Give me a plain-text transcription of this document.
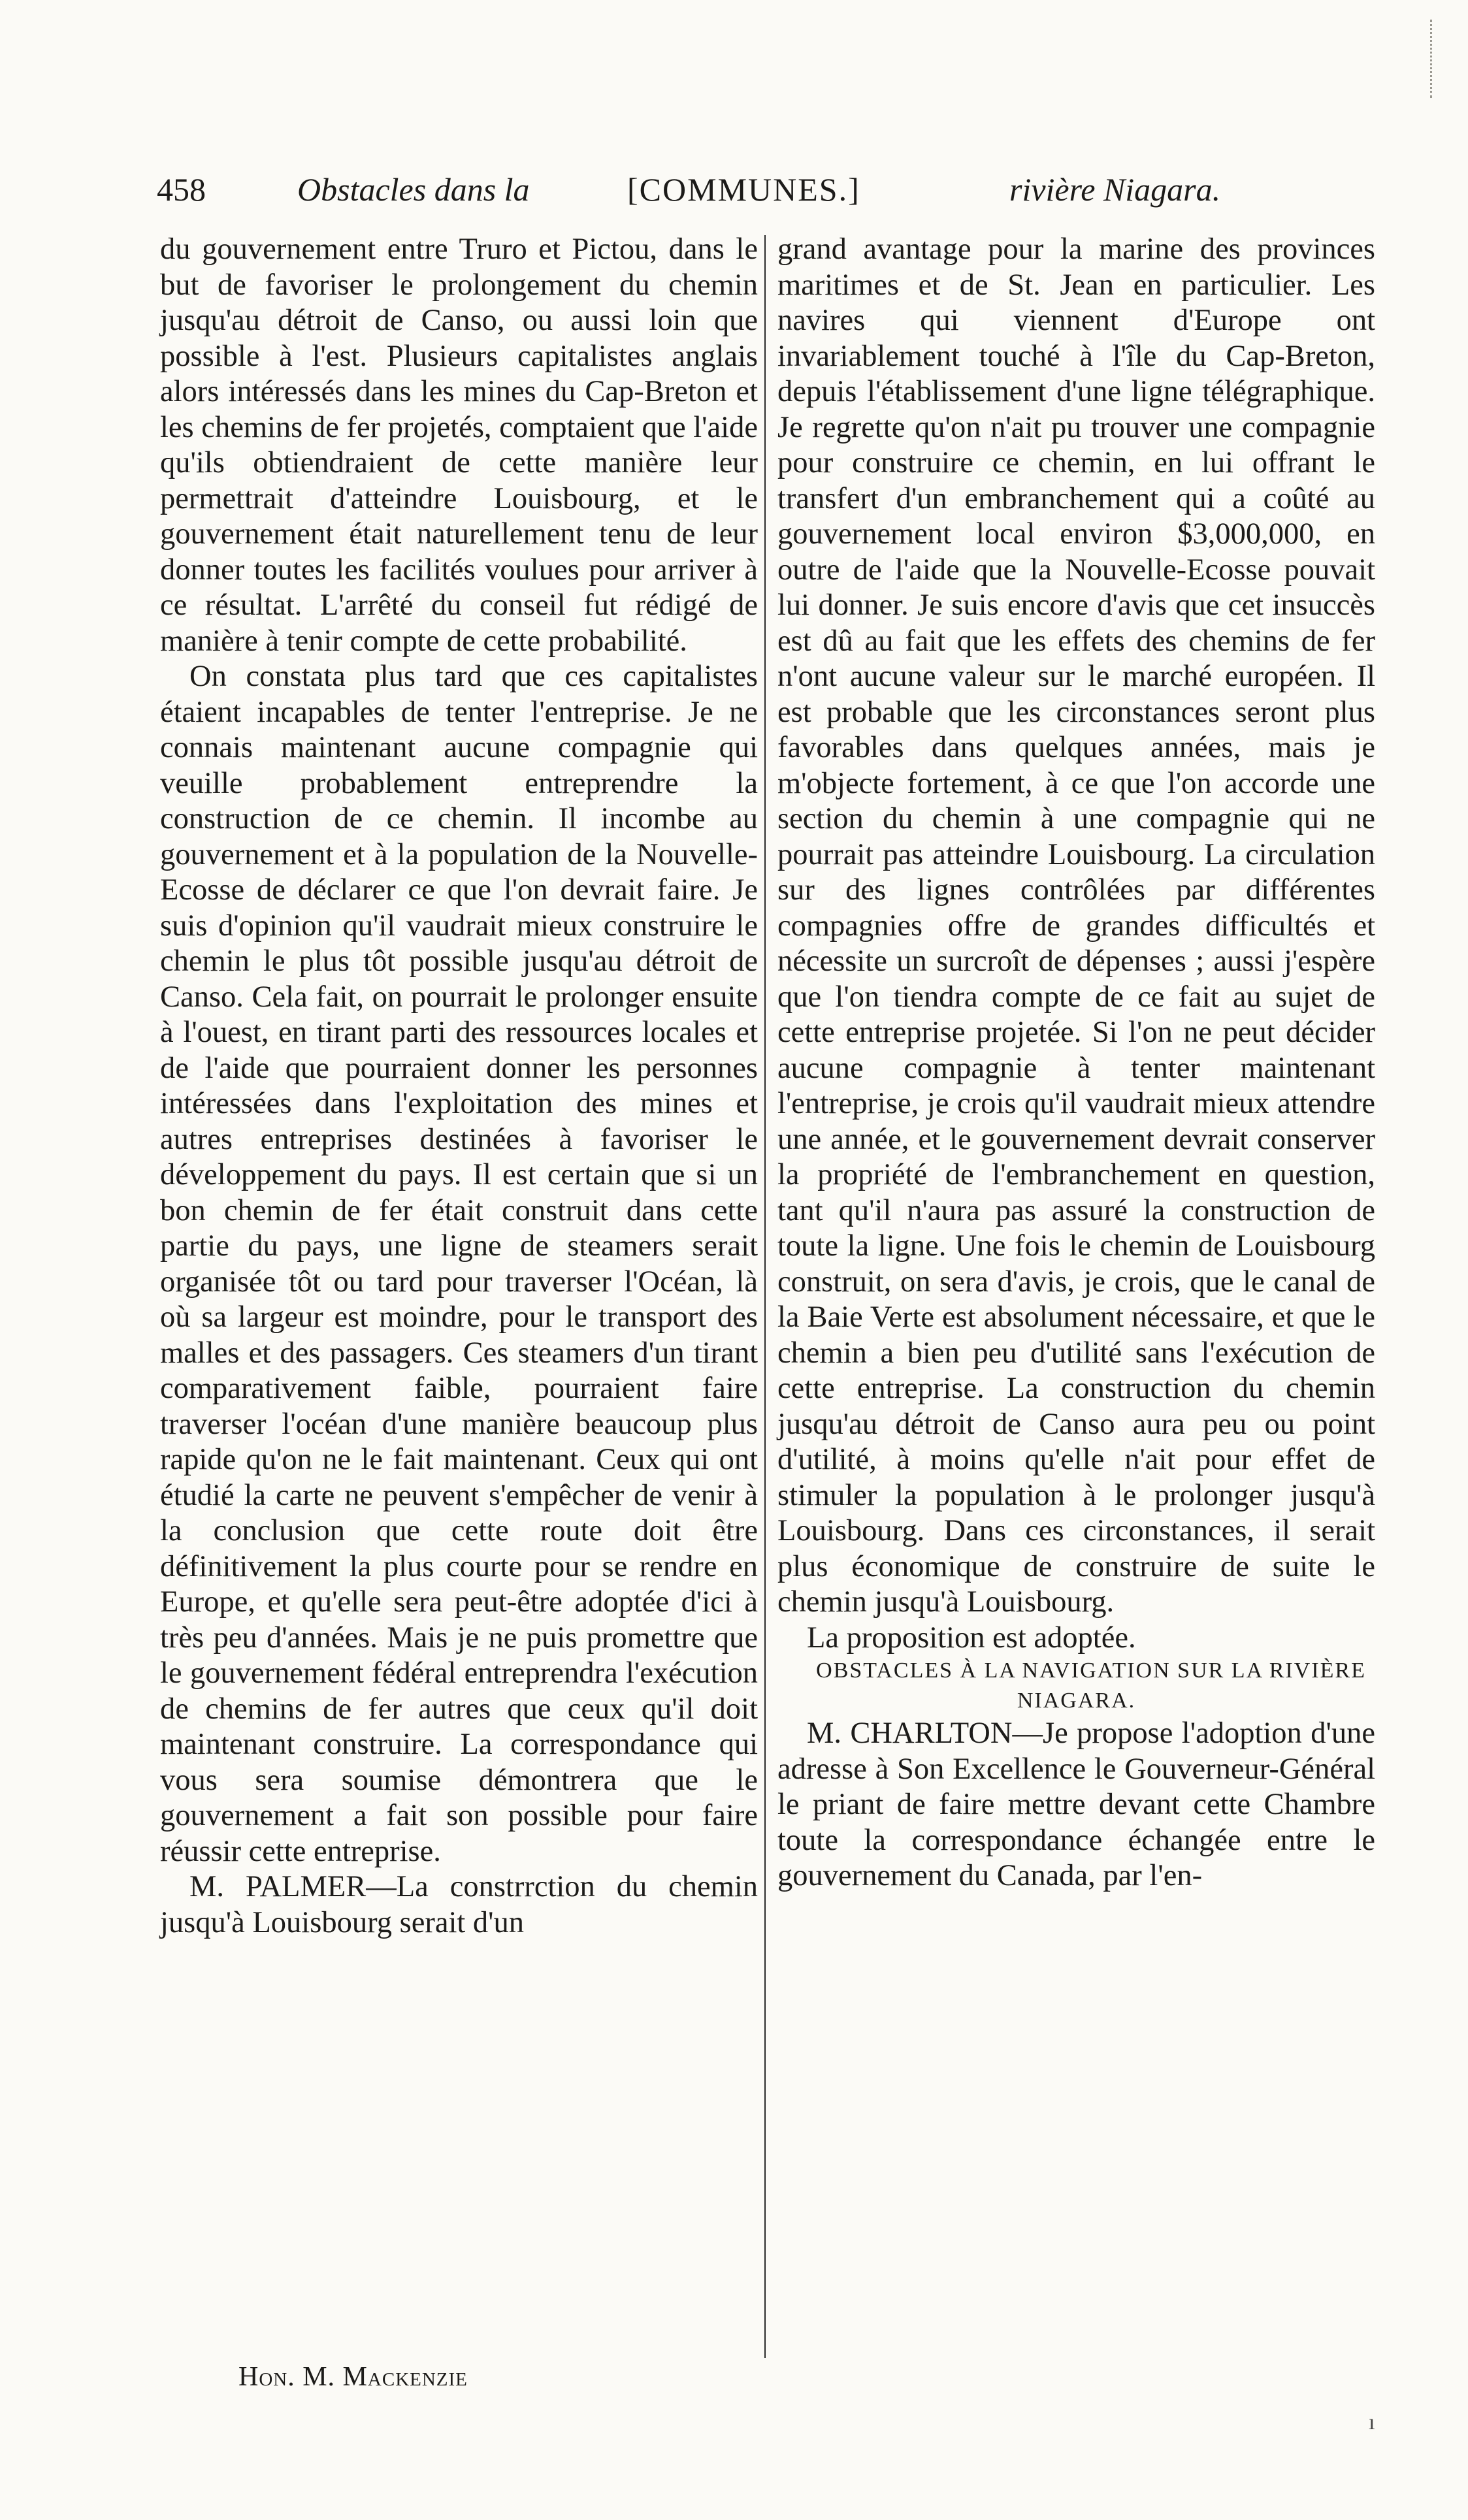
458	Obstacles dans la	[COMMUNES.]	rivière Niagara.

du gouvernement entre Truro et Pictou, dans le but de favoriser le prolongement du chemin jusqu'au détroit de Canso, ou aussi loin que possible à l'est. Plusieurs capitalistes anglais alors intéressés dans les mines du Cap-Breton et les chemins de fer projetés, comptaient que l'aide qu'ils obtiendraient de cette manière leur permettrait d'atteindre Louisbourg, et le gouvernement était naturellement tenu de leur donner toutes les facilités voulues pour arriver à ce résultat. L'arrêté du conseil fut rédigé de manière à tenir compte de cette probabilité.

On constata plus tard que ces capitalistes étaient incapables de tenter l'entreprise. Je ne connais maintenant aucune compagnie qui veuille probablement entreprendre la construction de ce chemin. Il incombe au gouvernement et à la population de la Nouvelle-Ecosse de déclarer ce que l'on devrait faire. Je suis d'opinion qu'il vaudrait mieux construire le chemin le plus tôt possible jusqu'au détroit de Canso. Cela fait, on pourrait le prolonger ensuite à l'ouest, en tirant parti des ressources locales et de l'aide que pourraient donner les personnes intéressées dans l'exploitation des mines et autres entreprises destinées à favoriser le développement du pays. Il est certain que si un bon chemin de fer était construit dans cette partie du pays, une ligne de steamers serait organisée tôt ou tard pour traverser l'Océan, là où sa largeur est moindre, pour le transport des malles et des passagers. Ces steamers d'un tirant comparativement faible, pourraient faire traverser l'océan d'une manière beaucoup plus rapide qu'on ne le fait maintenant. Ceux qui ont étudié la carte ne peuvent s'empêcher de venir à la conclusion que cette route doit être définitivement la plus courte pour se rendre en Europe, et qu'elle sera peut-être adoptée d'ici à très peu d'années. Mais je ne puis promettre que le gouvernement fédéral entreprendra l'exécution de chemins de fer autres que ceux qu'il doit maintenant construire. La correspondance qui vous sera soumise démontrera que le gouvernement a fait son possible pour faire réussir cette entreprise.

M. PALMER—La constrrction du chemin jusqu'à Louisbourg serait d'un

grand avantage pour la marine des provinces maritimes et de St. Jean en particulier. Les navires qui viennent d'Europe ont invariablement touché à l'île du Cap-Breton, depuis l'établissement d'une ligne télégraphique. Je regrette qu'on n'ait pu trouver une compagnie pour construire ce chemin, en lui offrant le transfert d'un embranchement qui a coûté au gouvernement local environ $3,000,000, en outre de l'aide que la Nouvelle-Ecosse pouvait lui donner. Je suis encore d'avis que cet insuccès est dû au fait que les effets des chemins de fer n'ont aucune valeur sur le marché européen. Il est probable que les circonstances seront plus favorables dans quelques années, mais je m'objecte fortement, à ce que l'on accorde une section du chemin à une compagnie qui ne pourrait pas atteindre Louisbourg. La circulation sur des lignes contrôlées par différentes compagnies offre de grandes difficultés et nécessite un surcroît de dépenses ; aussi j'espère que l'on tiendra compte de ce fait au sujet de cette entreprise projetée. Si l'on ne peut décider aucune compagnie à tenter maintenant l'entreprise, je crois qu'il vaudrait mieux attendre une année, et le gouvernement devrait conserver la propriété de l'embranchement en question, tant qu'il n'aura pas assuré la construction de toute la ligne. Une fois le chemin de Louisbourg construit, on sera d'avis, je crois, que le canal de la Baie Verte est absolument nécessaire, et que le chemin a bien peu d'utilité sans l'exécution de cette entreprise. La construction du chemin jusqu'au détroit de Canso aura peu ou point d'utilité, à moins qu'elle n'ait pour effet de stimuler la population à le prolonger jusqu'à Louisbourg. Dans ces circonstances, il serait plus économique de construire de suite le chemin jusqu'à Louisbourg.

La proposition est adoptée.

OBSTACLES À LA NAVIGATION SUR LA RIVIÈRE NIAGARA.

M. CHARLTON—Je propose l'adoption d'une adresse à Son Excellence le Gouverneur-Général le priant de faire mettre devant cette Chambre toute la correspondance échangée entre le gouvernement du Canada, par l'en-

Hon. M. Mackenzie
ı
